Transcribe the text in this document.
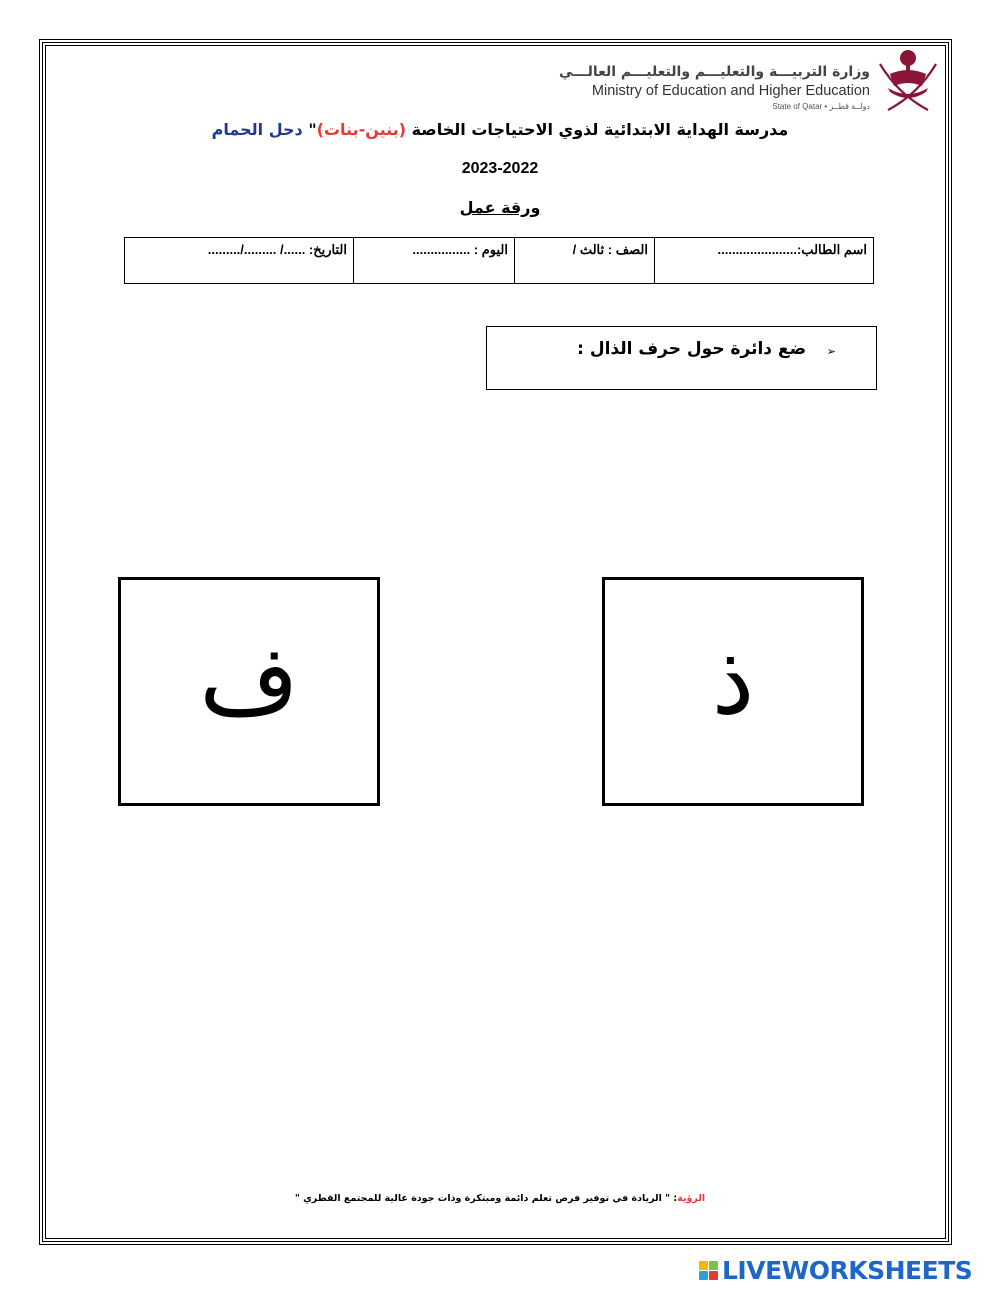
وزارة التربيـــة والتعليـــم والتعليـــم العالـــي
Ministry of Education and Higher Education
State of Qatar • دولــة قطــر
مدرسة الهداية الابتدائية لذوي الاحتياجات الخاصة (بنين-بنات)" دحل الحمام
2023-2022
ورقة عمل
اسم الطالب:......................	الصف : ثالث /	اليوم : ................	التاريخ: ....../ ........./.........
➢
ضع دائرة حول حرف الذال :
ذ
ف
الرؤية: " الريادة في توفير فرص تعلم دائمة ومبتكرة وذات جودة عالية للمجتمع القطري "
LIVEWORKSHEETS
